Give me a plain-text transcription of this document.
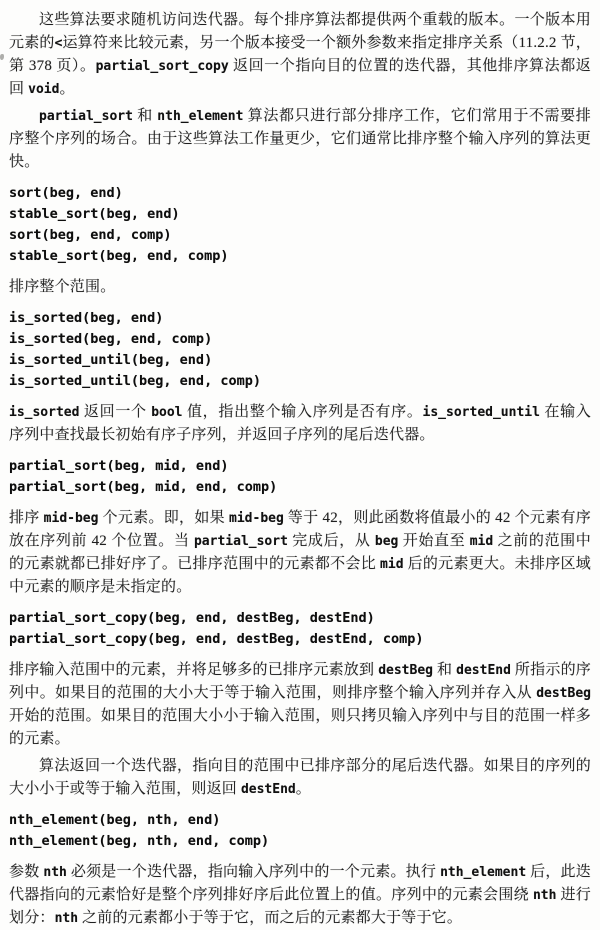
这些算法要求随机访问迭代器。每个排序算法都提供两个重载的版本。一个版本用元素的<运算符来比较元素，另一个版本接受一个额外参数来指定排序关系（11.2.2 节，第 378 页）。partial_sort_copy 返回一个指向目的位置的迭代器，其他排序算法都返回 void。

partial_sort 和 nth_element 算法都只进行部分排序工作，它们常用于不需要排序整个序列的场合。由于这些算法工作量更少，它们通常比排序整个输入序列的算法更快。

sort(beg, end)
stable_sort(beg, end)
sort(beg, end, comp)
stable_sort(beg, end, comp)

排序整个范围。

is_sorted(beg, end)
is_sorted(beg, end, comp)
is_sorted_until(beg, end)
is_sorted_until(beg, end, comp)

is_sorted 返回一个 bool 值，指出整个输入序列是否有序。is_sorted_until 在输入序列中查找最长初始有序子序列，并返回子序列的尾后迭代器。

partial_sort(beg, mid, end)
partial_sort(beg, mid, end, comp)

排序 mid-beg 个元素。即，如果 mid-beg 等于 42，则此函数将值最小的 42 个元素有序放在序列前 42 个位置。当 partial_sort 完成后，从 beg 开始直至 mid 之前的范围中的元素就都已排好序了。已排序范围中的元素都不会比 mid 后的元素更大。未排序区域中元素的顺序是未指定的。

partial_sort_copy(beg, end, destBeg, destEnd)
partial_sort_copy(beg, end, destBeg, destEnd, comp)

排序输入范围中的元素，并将足够多的已排序元素放到 destBeg 和 destEnd 所指示的序列中。如果目的范围的大小大于等于输入范围，则排序整个输入序列并存入从 destBeg 开始的范围。如果目的范围大小小于输入范围，则只拷贝输入序列中与目的范围一样多的元素。

算法返回一个迭代器，指向目的范围中已排序部分的尾后迭代器。如果目的序列的大小小于或等于输入范围，则返回 destEnd。

nth_element(beg, nth, end)
nth_element(beg, nth, end, comp)

参数 nth 必须是一个迭代器，指向输入序列中的一个元素。执行 nth_element 后，此迭代器指向的元素恰好是整个序列排好序后此位置上的值。序列中的元素会围绕 nth 进行划分：nth 之前的元素都小于等于它，而之后的元素都大于等于它。
